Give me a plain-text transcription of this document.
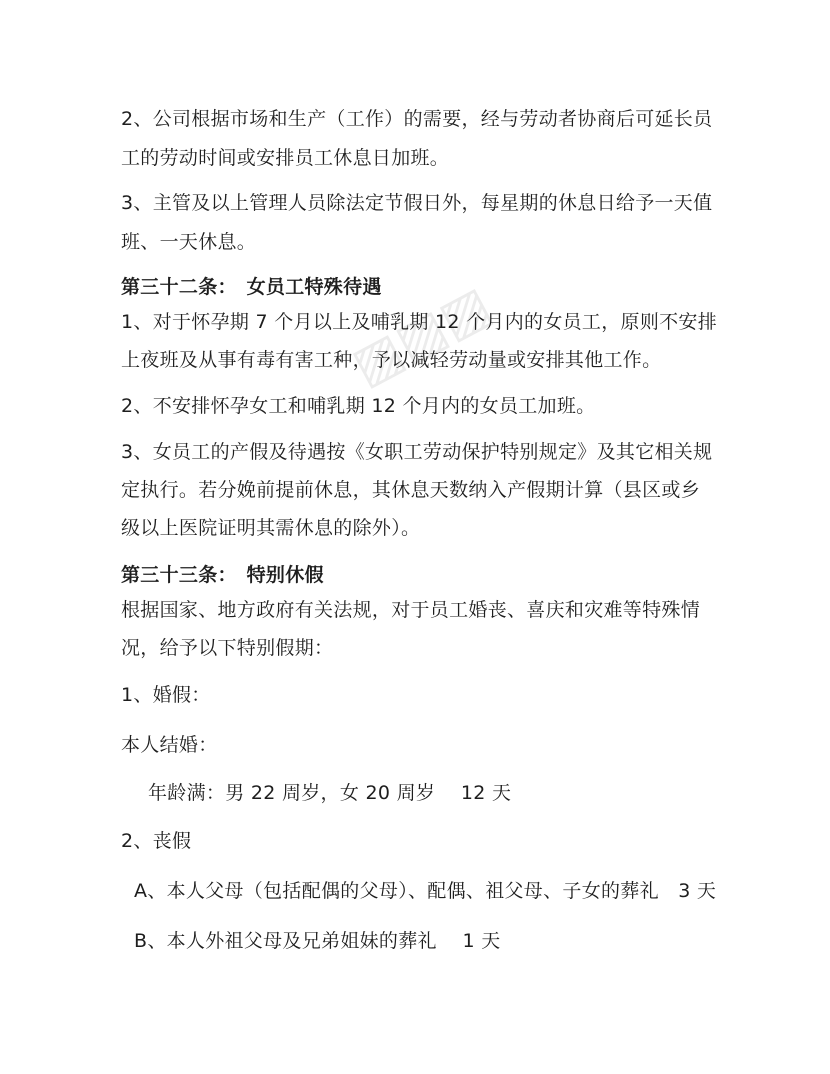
▨▨▨
2、公司根据市场和生产（工作）的需要，经与劳动者协商后可延长员
工的劳动时间或安排员工休息日加班。
3、主管及以上管理人员除法定节假日外，每星期的休息日给予一天值
班、一天休息。
第三十二条：　女员工特殊待遇
1、对于怀孕期 7 个月以上及哺乳期 12 个月内的女员工，原则不安排
上夜班及从事有毒有害工种，予以减轻劳动量或安排其他工作。
2、不安排怀孕女工和哺乳期 12 个月内的女员工加班。
3、女员工的产假及待遇按《女职工劳动保护特别规定》及其它相关规
定执行。若分娩前提前休息，其休息天数纳入产假期计算（县区或乡
级以上医院证明其需休息的除外）。
第三十三条：　特别休假
根据国家、地方政府有关法规，对于员工婚丧、喜庆和灾难等特殊情
况，给予以下特别假期：
1、婚假：
本人结婚：
年龄满：男 22 周岁，女 20 周岁　 12 天
2、丧假
A、本人父母（包括配偶的父母）、配偶、祖父母、子女的葬礼　3 天
B、本人外祖父母及兄弟姐妹的葬礼　 1 天
